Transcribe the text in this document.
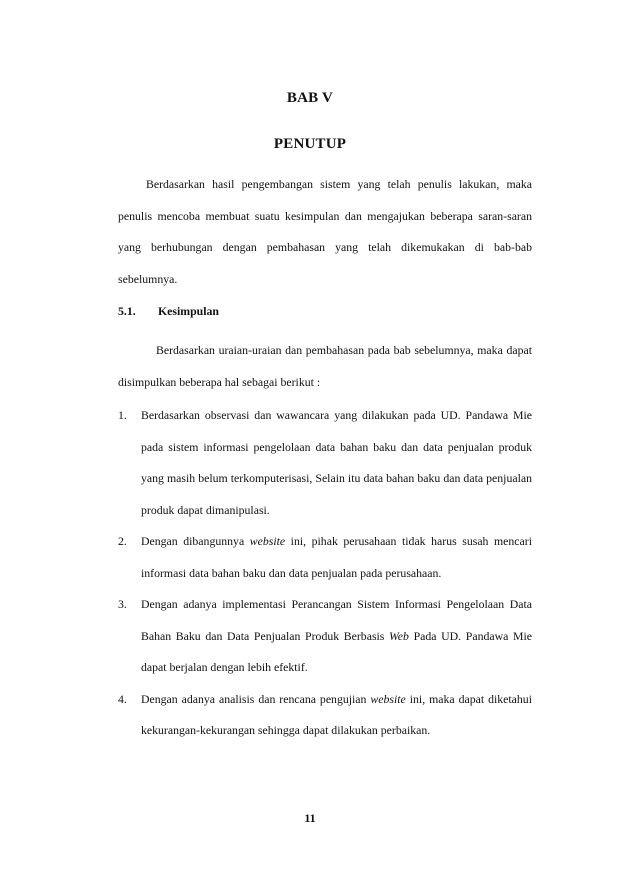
BAB V
PENUTUP
Berdasarkan hasil pengembangan sistem yang telah penulis lakukan, maka penulis mencoba membuat suatu kesimpulan dan mengajukan beberapa saran-saran yang berhubungan dengan pembahasan yang telah dikemukakan di bab-bab sebelumnya.
5.1. Kesimpulan
Berdasarkan uraian-uraian dan pembahasan pada bab sebelumnya, maka dapat disimpulkan beberapa hal sebagai berikut :
1. Berdasarkan observasi dan wawancara yang dilakukan pada UD. Pandawa Mie pada sistem informasi pengelolaan data bahan baku dan data penjualan produk yang masih belum terkomputerisasi, Selain itu data bahan baku dan data penjualan produk dapat dimanipulasi.
2. Dengan dibangunnya website ini, pihak perusahaan tidak harus susah mencari informasi data bahan baku dan data penjualan pada perusahaan.
3. Dengan adanya implementasi Perancangan Sistem Informasi Pengelolaan Data Bahan Baku dan Data Penjualan Produk Berbasis Web Pada UD. Pandawa Mie dapat berjalan dengan lebih efektif.
4. Dengan adanya analisis dan rencana pengujian website ini, maka dapat diketahui kekurangan-kekurangan sehingga dapat dilakukan perbaikan.
11
